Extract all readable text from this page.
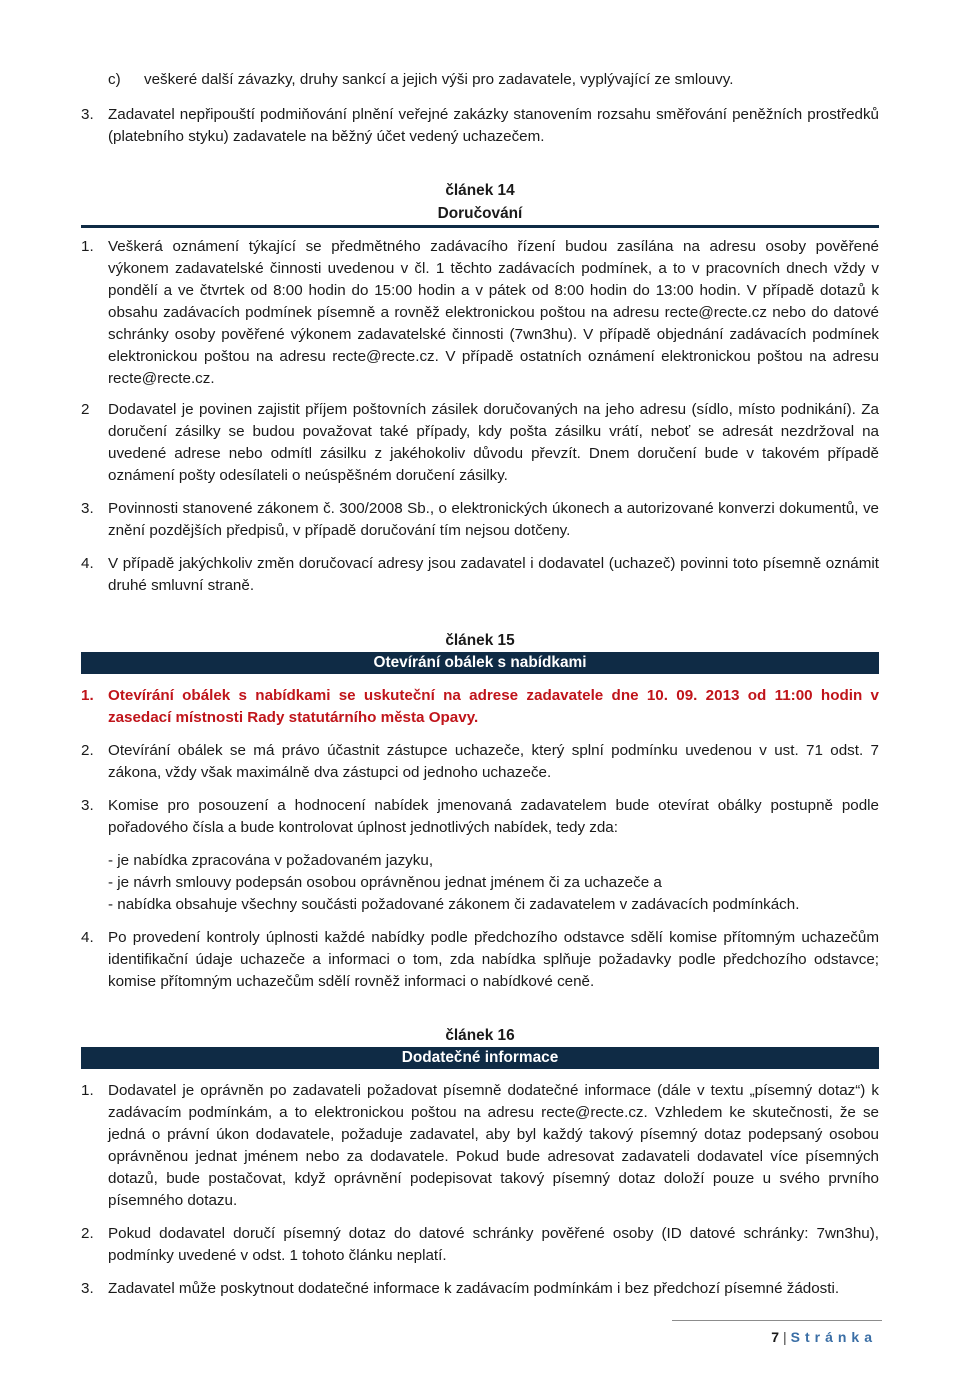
c) veškeré další závazky, druhy sankcí a jejich výši pro zadavatele, vyplývající ze smlouvy.

3. Zadavatel nepřipouští podmiňování plnění veřejné zakázky stanovením rozsahu směřování peněžních prostředků (platebního styku) zadavatele na běžný účet vedený uchazečem.

článek 14
Doručování
1. Veškerá oznámení týkající se předmětného zadávacího řízení budou zasílána na adresu osoby pověřené výkonem zadavatelské činnosti uvedenou v čl. 1 těchto zadávacích podmínek, a to v pracovních dnech vždy v pondělí a ve čtvrtek od 8:00 hodin do 15:00 hodin a v pátek od 8:00 hodin do 13:00 hodin. V případě dotazů k obsahu zadávacích podmínek písemně a rovněž elektronickou poštou na adresu recte@recte.cz nebo do datové schránky osoby pověřené výkonem zadavatelské činnosti (7wn3hu). V případě objednání zadávacích podmínek elektronickou poštou na adresu recte@recte.cz. V případě ostatních oznámení elektronickou poštou na adresu recte@recte.cz.

2 Dodavatel je povinen zajistit příjem poštovních zásilek doručovaných na jeho adresu (sídlo, místo podnikání). Za doručení zásilky se budou považovat také případy, kdy pošta zásilku vrátí, neboť se adresát nezdržoval na uvedené adrese nebo odmítl zásilku z jakéhokoliv důvodu převzít. Dnem doručení bude v takovém případě oznámení pošty odesílateli o neúspěšném doručení zásilky.

3. Povinnosti stanovené zákonem č. 300/2008 Sb., o elektronických úkonech a autorizované konverzi dokumentů, ve znění pozdějších předpisů, v případě doručování tím nejsou dotčeny.

4. V případě jakýchkoliv změn doručovací adresy jsou zadavatel i dodavatel (uchazeč) povinni toto písemně oznámit druhé smluvní straně.

článek 15
Otevírání obálek s nabídkami
1. Otevírání obálek s nabídkami se uskuteční na adrese zadavatele dne 10. 09. 2013 od 11:00 hodin v zasedací místnosti Rady statutárního města Opavy.

2. Otevírání obálek se má právo účastnit zástupce uchazeče, který splní podmínku uvedenou v ust. 71 odst. 7 zákona, vždy však maximálně dva zástupci od jednoho uchazeče.

3. Komise pro posouzení a hodnocení nabídek jmenovaná zadavatelem bude otevírat obálky postupně podle pořadového čísla a bude kontrolovat úplnost jednotlivých nabídek, tedy zda:

- je nabídka zpracována v požadovaném jazyku,
- je návrh smlouvy podepsán osobou oprávněnou jednat jménem či za uchazeče a
- nabídka obsahuje všechny součásti požadované zákonem či zadavatelem v zadávacích podmínkách.
4. Po provedení kontroly úplnosti každé nabídky podle předchozího odstavce sdělí komise přítomným uchazečům identifikační údaje uchazeče a informaci o tom, zda nabídka splňuje požadavky podle předchozího odstavce; komise přítomným uchazečům sdělí rovněž informaci o nabídkové ceně.

článek 16
Dodatečné informace
1. Dodavatel je oprávněn po zadavateli požadovat písemně dodatečné informace (dále v textu „písemný dotaz“) k zadávacím podmínkám, a to elektronickou poštou na adresu recte@recte.cz. Vzhledem ke skutečnosti, že se jedná o právní úkon dodavatele, požaduje zadavatel, aby byl každý takový písemný dotaz podepsaný osobou oprávněnou jednat jménem nebo za dodavatele. Pokud bude adresovat zadavateli dodavatel více písemných dotazů, bude postačovat, když oprávnění podepisovat takový písemný dotaz doloží pouze u svého prvního písemného dotazu.

2. Pokud dodavatel doručí písemný dotaz do datové schránky pověřené osoby (ID datové schránky: 7wn3hu), podmínky uvedené v odst. 1 tohoto článku neplatí.

3. Zadavatel může poskytnout dodatečné informace k zadávacím podmínkám i bez předchozí písemné žádosti.

7 | Stránka
